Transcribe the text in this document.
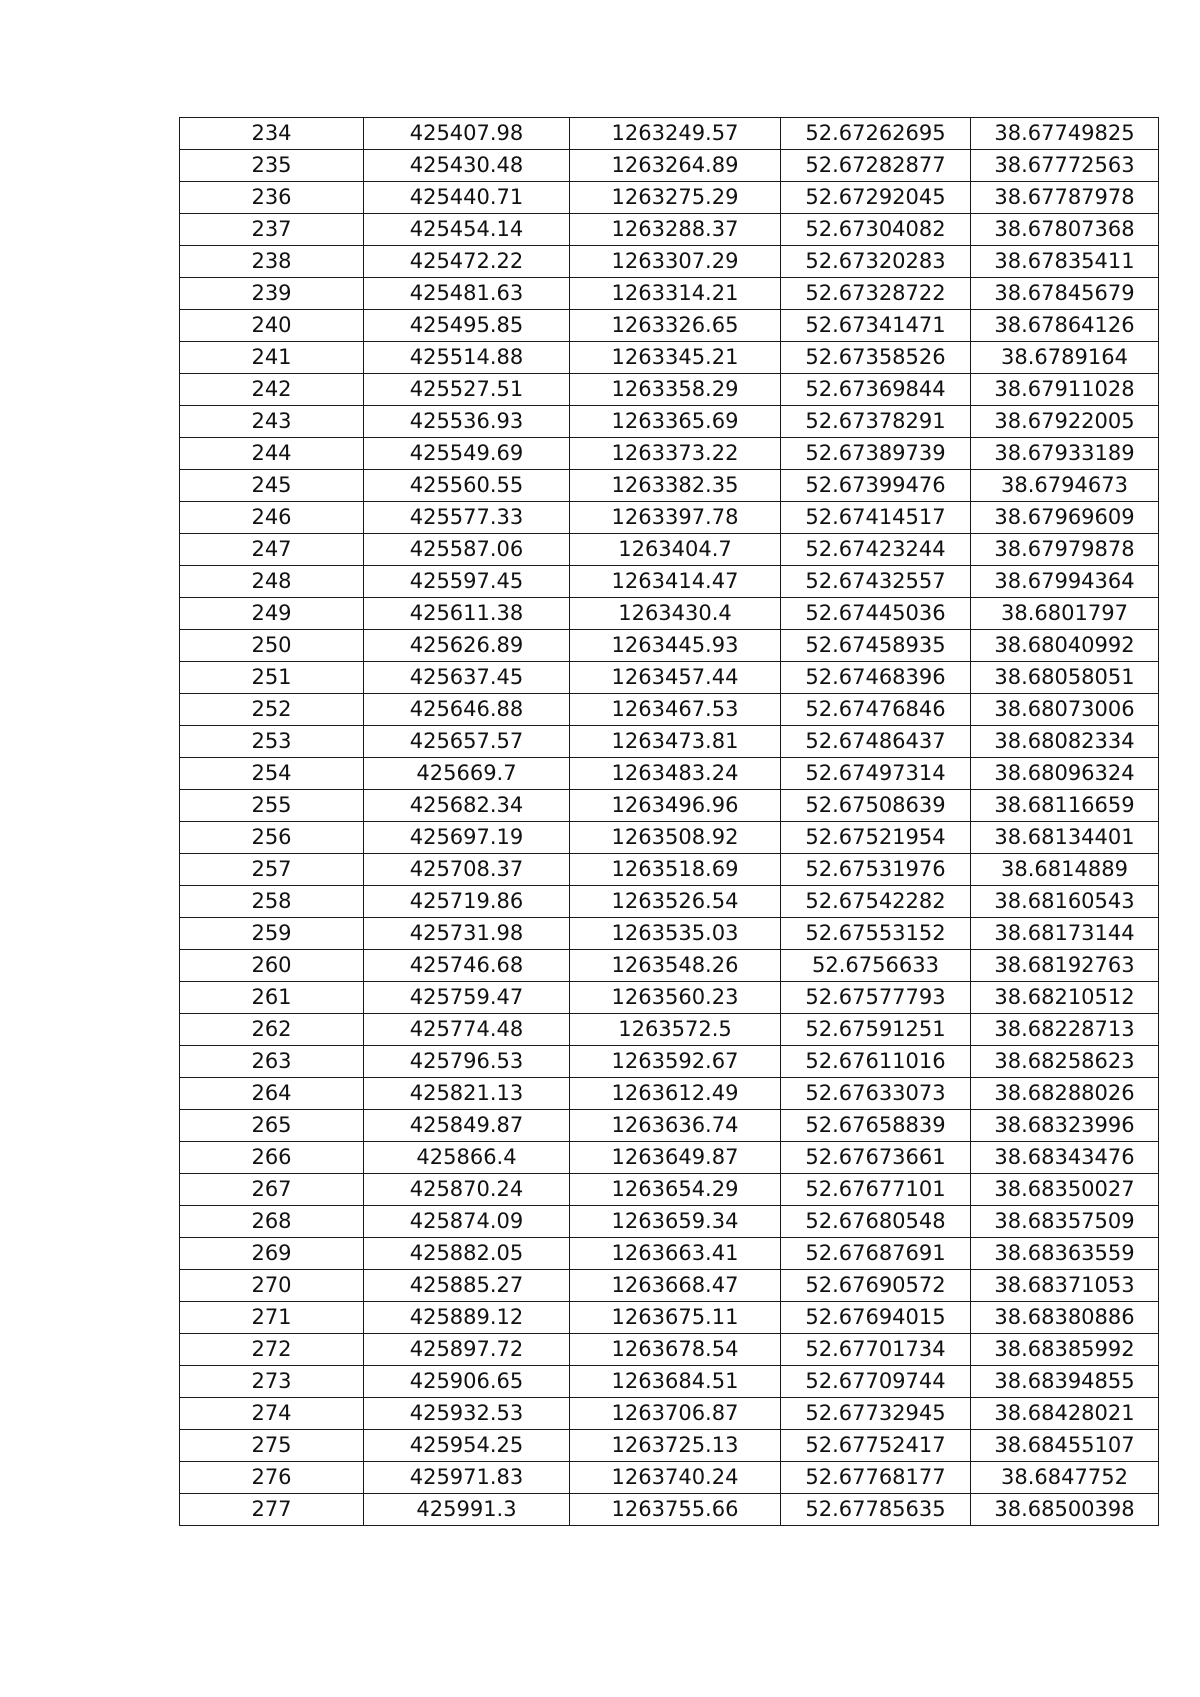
234	425407.98	1263249.57	52.67262695	38.67749825
235	425430.48	1263264.89	52.67282877	38.67772563
236	425440.71	1263275.29	52.67292045	38.67787978
237	425454.14	1263288.37	52.67304082	38.67807368
238	425472.22	1263307.29	52.67320283	38.67835411
239	425481.63	1263314.21	52.67328722	38.67845679
240	425495.85	1263326.65	52.67341471	38.67864126
241	425514.88	1263345.21	52.67358526	38.6789164
242	425527.51	1263358.29	52.67369844	38.67911028
243	425536.93	1263365.69	52.67378291	38.67922005
244	425549.69	1263373.22	52.67389739	38.67933189
245	425560.55	1263382.35	52.67399476	38.6794673
246	425577.33	1263397.78	52.67414517	38.67969609
247	425587.06	1263404.7	52.67423244	38.67979878
248	425597.45	1263414.47	52.67432557	38.67994364
249	425611.38	1263430.4	52.67445036	38.6801797
250	425626.89	1263445.93	52.67458935	38.68040992
251	425637.45	1263457.44	52.67468396	38.68058051
252	425646.88	1263467.53	52.67476846	38.68073006
253	425657.57	1263473.81	52.67486437	38.68082334
254	425669.7	1263483.24	52.67497314	38.68096324
255	425682.34	1263496.96	52.67508639	38.68116659
256	425697.19	1263508.92	52.67521954	38.68134401
257	425708.37	1263518.69	52.67531976	38.6814889
258	425719.86	1263526.54	52.67542282	38.68160543
259	425731.98	1263535.03	52.67553152	38.68173144
260	425746.68	1263548.26	52.6756633	38.68192763
261	425759.47	1263560.23	52.67577793	38.68210512
262	425774.48	1263572.5	52.67591251	38.68228713
263	425796.53	1263592.67	52.67611016	38.68258623
264	425821.13	1263612.49	52.67633073	38.68288026
265	425849.87	1263636.74	52.67658839	38.68323996
266	425866.4	1263649.87	52.67673661	38.68343476
267	425870.24	1263654.29	52.67677101	38.68350027
268	425874.09	1263659.34	52.67680548	38.68357509
269	425882.05	1263663.41	52.67687691	38.68363559
270	425885.27	1263668.47	52.67690572	38.68371053
271	425889.12	1263675.11	52.67694015	38.68380886
272	425897.72	1263678.54	52.67701734	38.68385992
273	425906.65	1263684.51	52.67709744	38.68394855
274	425932.53	1263706.87	52.67732945	38.68428021
275	425954.25	1263725.13	52.67752417	38.68455107
276	425971.83	1263740.24	52.67768177	38.6847752
277	425991.3	1263755.66	52.67785635	38.68500398
